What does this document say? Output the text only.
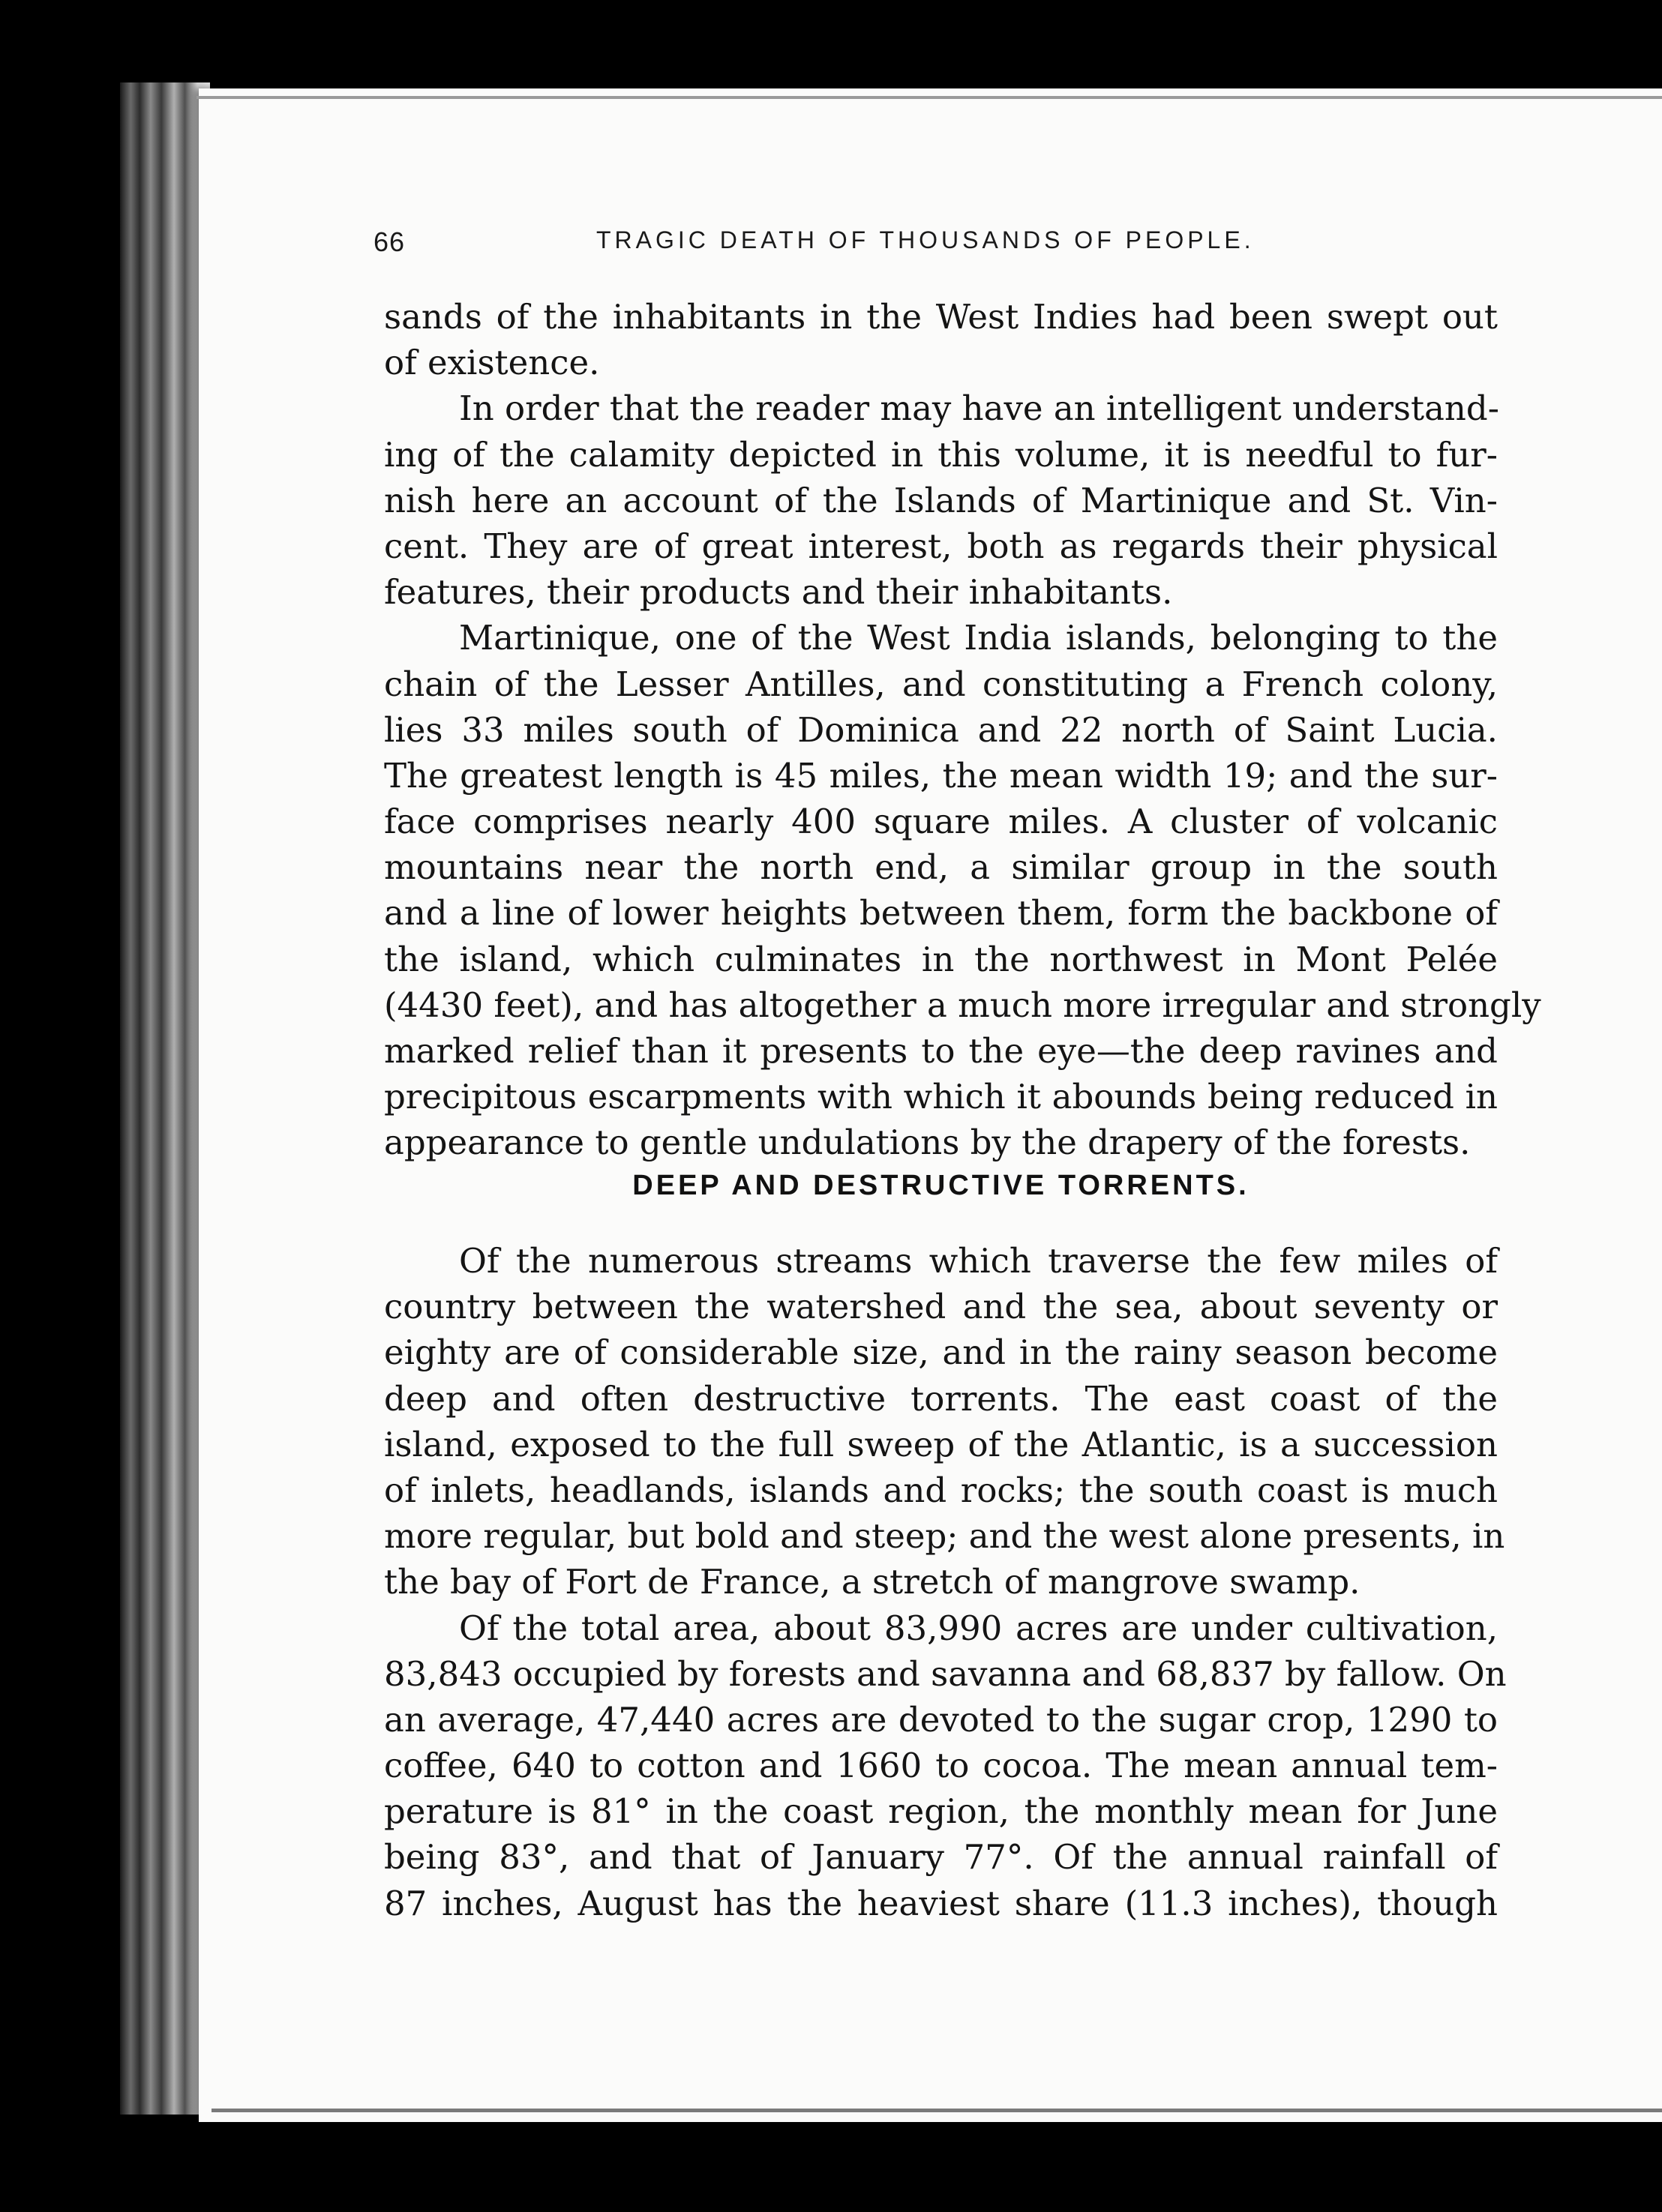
66	TRAGIC DEATH OF THOUSANDS OF PEOPLE.
sands of the inhabitants in the West Indies had been swept out
of existence.
In order that the reader may have an intelligent understand-
ing of the calamity depicted in this volume, it is needful to fur-
nish here an account of the Islands of Martinique and St. Vin-
cent. They are of great interest, both as regards their physical
features, their products and their inhabitants.
Martinique, one of the West India islands, belonging to the
chain of the Lesser Antilles, and constituting a French colony,
lies 33 miles south of Dominica and 22 north of Saint Lucia.
The greatest length is 45 miles, the mean width 19; and the sur-
face comprises nearly 400 square miles. A cluster of volcanic
mountains near the north end, a similar group in the south
and a line of lower heights between them, form the backbone of
the island, which culminates in the northwest in Mont Pelée
(4430 feet), and has altogether a much more irregular and strongly
marked relief than it presents to the eye—the deep ravines and
precipitous escarpments with which it abounds being reduced in
appearance to gentle undulations by the drapery of the forests.
DEEP AND DESTRUCTIVE TORRENTS.
Of the numerous streams which traverse the few miles of
country between the watershed and the sea, about seventy or
eighty are of considerable size, and in the rainy season become
deep and often destructive torrents. The east coast of the
island, exposed to the full sweep of the Atlantic, is a succession
of inlets, headlands, islands and rocks; the south coast is much
more regular, but bold and steep; and the west alone presents, in
the bay of Fort de France, a stretch of mangrove swamp.
Of the total area, about 83,990 acres are under cultivation,
83,843 occupied by forests and savanna and 68,837 by fallow. On
an average, 47,440 acres are devoted to the sugar crop, 1290 to
coffee, 640 to cotton and 1660 to cocoa. The mean annual tem-
perature is 81° in the coast region, the monthly mean for June
being 83°, and that of January 77°. Of the annual rainfall of
87 inches, August has the heaviest share (11.3 inches), though
